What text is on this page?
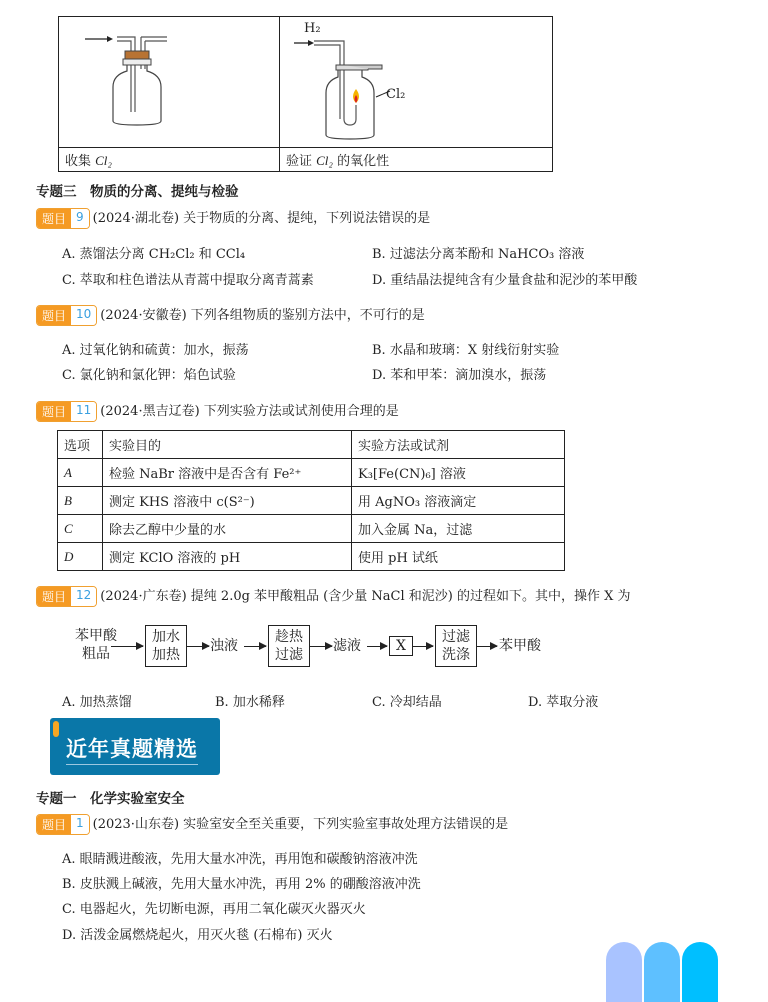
H₂
Cl₂

收集 Cl₂	验证 Cl₂ 的氧化性
专题三　物质的分离、提纯与检验
题目 9 (2024·湖北卷) 关于物质的分离、提纯，下列说法错误的是
A. 蒸馏法分离 CH₂Cl₂ 和 CCl₄	B. 过滤法分离苯酚和 NaHCO₃ 溶液
C. 萃取和柱色谱法从青蒿中提取分离青蒿素	D. 重结晶法提纯含有少量食盐和泥沙的苯甲酸
题目 10 (2024·安徽卷) 下列各组物质的鉴别方法中，不可行的是
A. 过氧化钠和硫黄：加水，振荡	B. 水晶和玻璃：X 射线衍射实验
C. 氯化钠和氯化钾：焰色试验	D. 苯和甲苯：滴加溴水，振荡
题目 11 (2024·黑吉辽卷) 下列实验方法或试剂使用合理的是
选项	实验目的	实验方法或试剂
A	检验 NaBr 溶液中是否含有 Fe²⁺	K₃[Fe(CN)₆] 溶液
B	测定 KHS 溶液中 c(S²⁻)	用 AgNO₃ 溶液滴定
C	除去乙醇中少量的水	加入金属 Na，过滤
D	测定 KClO 溶液的 pH	使用 pH 试纸
题目 12 (2024·广东卷) 提纯 2.0g 苯甲酸粗品 (含少量 NaCl 和泥沙) 的过程如下。其中，操作 X 为
苯甲酸
粗品
加水
加热
浊液
趁热
过滤
滤液	X
过滤
洗涤
苯甲酸
A. 加热蒸馏	B. 加水稀释	C. 冷却结晶	D. 萃取分液
近年真题精选
专题一　化学实验室安全
题目 1 (2023·山东卷) 实验室安全至关重要，下列实验室事故处理方法错误的是
A. 眼睛溅进酸液，先用大量水冲洗，再用饱和碳酸钠溶液冲洗
B. 皮肤溅上碱液，先用大量水冲洗，再用 2% 的硼酸溶液冲洗
C. 电器起火，先切断电源，再用二氧化碳灭火器灭火
D. 活泼金属燃烧起火，用灭火毯 (石棉布) 灭火
